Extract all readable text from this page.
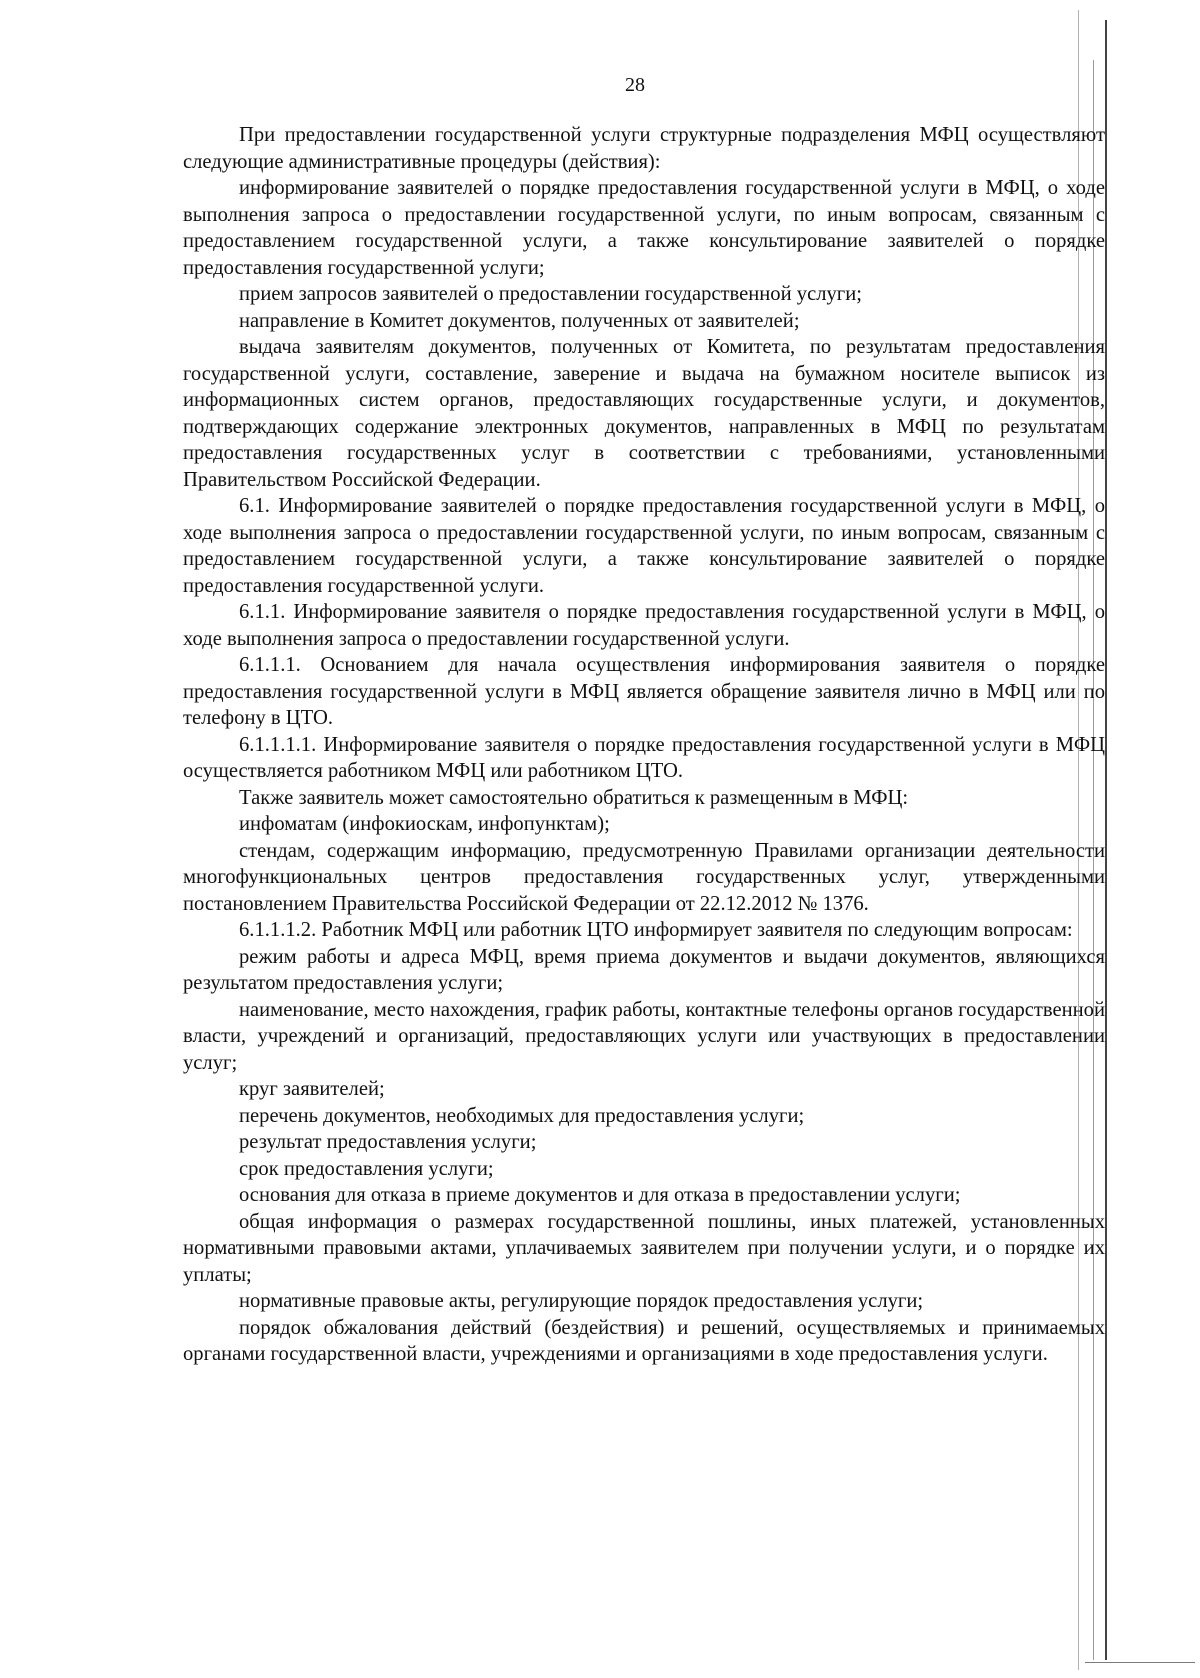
28

При предоставлении государственной услуги структурные подразделения МФЦ осуществляют следующие административные процедуры (действия):

информирование заявителей о порядке предоставления государственной услуги в МФЦ, о ходе выполнения запроса о предоставлении государственной услуги, по иным вопросам, связанным с предоставлением государственной услуги, а также консультирование заявителей о порядке предоставления государственной услуги;

прием запросов заявителей о предоставлении государственной услуги;

направление в Комитет документов, полученных от заявителей;

выдача заявителям документов, полученных от Комитета, по результатам предоставления государственной услуги, составление, заверение и выдача на бумажном носителе выписок из информационных систем органов, предоставляющих государственные услуги, и документов, подтверждающих содержание электронных документов, направленных в МФЦ по результатам предоставления государственных услуг в соответствии с требованиями, установленными Правительством Российской Федерации.

6.1. Информирование заявителей о порядке предоставления государственной услуги в МФЦ, о ходе выполнения запроса о предоставлении государственной услуги, по иным вопросам, связанным с предоставлением государственной услуги, а также консультирование заявителей о порядке предоставления государственной услуги.

6.1.1. Информирование заявителя о порядке предоставления государственной услуги в МФЦ, о ходе выполнения запроса о предоставлении государственной услуги.

6.1.1.1. Основанием для начала осуществления информирования заявителя о порядке предоставления государственной услуги в МФЦ является обращение заявителя лично в МФЦ или по телефону в ЦТО.

6.1.1.1.1. Информирование заявителя о порядке предоставления государственной услуги в МФЦ осуществляется работником МФЦ или работником ЦТО.

Также заявитель может самостоятельно обратиться к размещенным в МФЦ:

инфоматам (инфокиоскам, инфопунктам);

стендам, содержащим информацию, предусмотренную Правилами организации деятельности многофункциональных центров предоставления государственных услуг, утвержденными постановлением Правительства Российской Федерации от 22.12.2012 № 1376.

6.1.1.1.2. Работник МФЦ или работник ЦТО информирует заявителя по следующим вопросам:

режим работы и адреса МФЦ, время приема документов и выдачи документов, являющихся результатом предоставления услуги;

наименование, место нахождения, график работы, контактные телефоны органов государственной власти, учреждений и организаций, предоставляющих услуги или участвующих в предоставлении услуг;

круг заявителей;

перечень документов, необходимых для предоставления услуги;

результат предоставления услуги;

срок предоставления услуги;

основания для отказа в приеме документов и для отказа в предоставлении услуги;

общая информация о размерах государственной пошлины, иных платежей, установленных нормативными правовыми актами, уплачиваемых заявителем при получении услуги, и о порядке их уплаты;

нормативные правовые акты, регулирующие порядок предоставления услуги;

порядок обжалования действий (бездействия) и решений, осуществляемых и принимаемых органами государственной власти, учреждениями и организациями в ходе предоставления услуги.
